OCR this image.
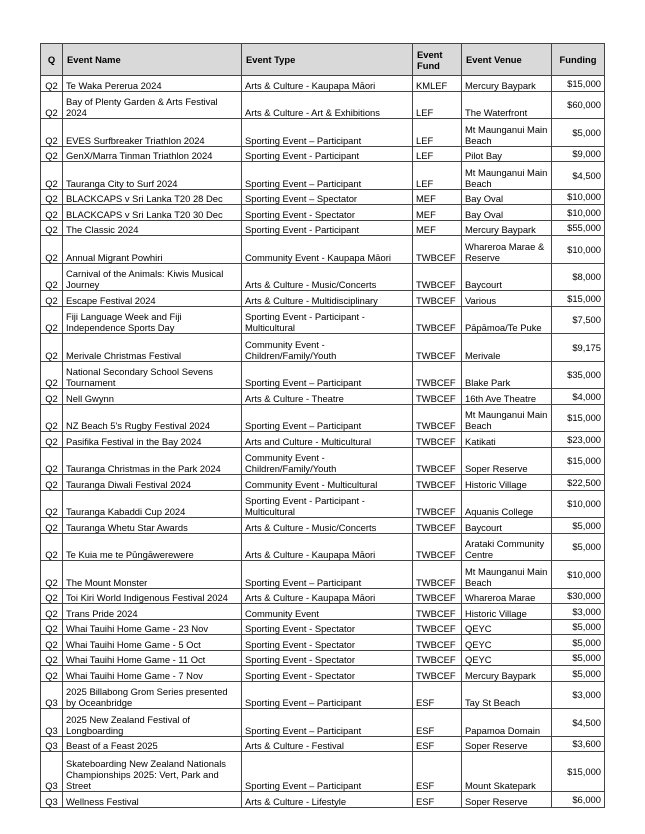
Q	Event Name	Event Type	Event Fund	Event Venue	Funding
Q2	Te Waka Pererua 2024	Arts & Culture - Kaupapa Māori	KMLEF	Mercury Baypark	$15,000
Q2	Bay of Plenty Garden & Arts Festival 2024	Arts & Culture - Art & Exhibitions	LEF	The Waterfront	$60,000
Q2	EVES Surfbreaker Triathlon 2024	Sporting Event – Participant	LEF	Mt Maunganui Main Beach	$5,000
Q2	GenX/Marra Tinman Triathlon 2024	Sporting Event - Participant	LEF	Pilot Bay	$9,000
Q2	Tauranga City to Surf 2024	Sporting Event – Participant	LEF	Mt Maunganui Main Beach	$4,500
Q2	BLACKCAPS v Sri Lanka T20 28 Dec	Sporting Event – Spectator	MEF	Bay Oval	$10,000
Q2	BLACKCAPS v Sri Lanka T20 30 Dec	Sporting Event - Spectator	MEF	Bay Oval	$10,000
Q2	The Classic 2024	Sporting Event - Participant	MEF	Mercury Baypark	$55,000
Q2	Annual Migrant Powhiri	Community Event - Kaupapa Māori	TWBCEF	Whareroa Marae & Reserve	$10,000
Q2	Carnival of the Animals: Kiwis Musical Journey	Arts & Culture - Music/Concerts	TWBCEF	Baycourt	$8,000
Q2	Escape Festival 2024	Arts & Culture - Multidisciplinary	TWBCEF	Various	$15,000
Q2	Fiji Language Week and Fiji Independence Sports Day	Sporting Event - Participant - Multicultural	TWBCEF	Pāpāmoa/Te Puke	$7,500
Q2	Merivale Christmas Festival	Community Event - Children/Family/Youth	TWBCEF	Merivale	$9,175
Q2	National Secondary School Sevens Tournament	Sporting Event – Participant	TWBCEF	Blake Park	$35,000
Q2	Nell Gwynn	Arts & Culture - Theatre	TWBCEF	16th Ave Theatre	$4,000
Q2	NZ Beach 5's Rugby Festival 2024	Sporting Event – Participant	TWBCEF	Mt Maunganui Main Beach	$15,000
Q2	Pasifika Festival in the Bay 2024	Arts and Culture - Multicultural	TWBCEF	Katikati	$23,000
Q2	Tauranga Christmas in the Park 2024	Community Event - Children/Family/Youth	TWBCEF	Soper Reserve	$15,000
Q2	Tauranga Diwali Festival 2024	Community Event - Multicultural	TWBCEF	Historic Village	$22,500
Q2	Tauranga Kabaddi Cup 2024	Sporting Event - Participant - Multicultural	TWBCEF	Aquanis College	$10,000
Q2	Tauranga Whetu Star Awards	Arts & Culture - Music/Concerts	TWBCEF	Baycourt	$5,000
Q2	Te Kuia me te Pūngāwerewere	Arts & Culture - Kaupapa Māori	TWBCEF	Arataki Community Centre	$5,000
Q2	The Mount Monster	Sporting Event – Participant	TWBCEF	Mt Maunganui Main Beach	$10,000
Q2	Toi Kiri World Indigenous Festival 2024	Arts & Culture - Kaupapa Māori	TWBCEF	Whareroa Marae	$30,000
Q2	Trans Pride 2024	Community Event	TWBCEF	Historic Village	$3,000
Q2	Whai Tauihi Home Game - 23 Nov	Sporting Event - Spectator	TWBCEF	QEYC	$5,000
Q2	Whai Tauihi Home Game - 5 Oct	Sporting Event - Spectator	TWBCEF	QEYC	$5,000
Q2	Whai Tauihi Home Game - 11 Oct	Sporting Event - Spectator	TWBCEF	QEYC	$5,000
Q2	Whai Tauihi Home Game - 7 Nov	Sporting Event - Spectator	TWBCEF	Mercury Baypark	$5,000
Q3	2025 Billabong Grom Series presented by Oceanbridge	Sporting Event – Participant	ESF	Tay St Beach	$3,000
Q3	2025 New Zealand Festival of Longboarding	Sporting Event – Participant	ESF	Papamoa Domain	$4,500
Q3	Beast of a Feast 2025	Arts & Culture - Festival	ESF	Soper Reserve	$3,600
Q3	Skateboarding New Zealand Nationals Championships 2025: Vert, Park and Street	Sporting Event – Participant	ESF	Mount Skatepark	$15,000
Q3	Wellness Festival	Arts & Culture - Lifestyle	ESF	Soper Reserve	$6,000
